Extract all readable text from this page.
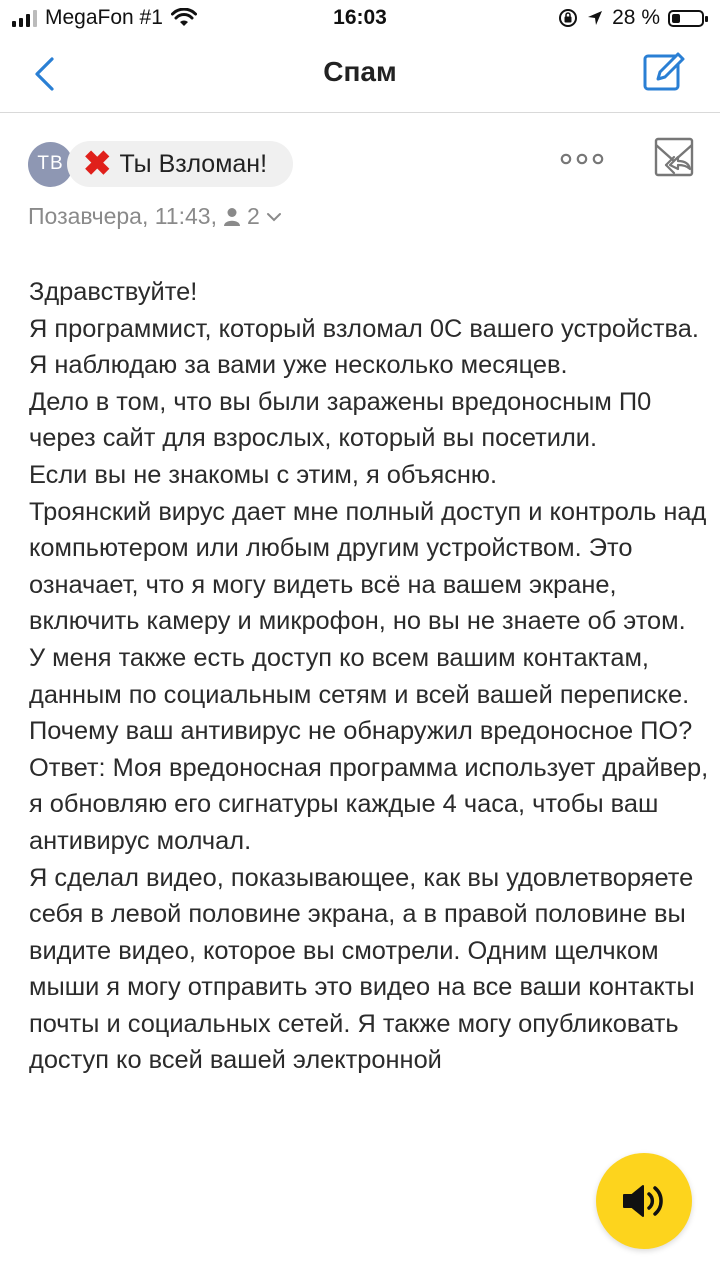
MegaFon #1	16:03	28 %
Спам
ТВ ✖ Ты Взломан!
Позавчера, 11:43, 2

Здравствуйте!

Я программист, который взломал 0С вашего устройства.

Я наблюдаю за вами уже несколько месяцев.

Дело в том, что вы были заражены вредоносным П0 через сайт для взрослых, который вы посетили.

Если вы не знакомы с этим, я объясню.

Троянский вирус дает мне полный доступ и контроль над компьютером или любым другим устройством. Это означает, что я могу видеть всё на вашем экране, включить камеру и микрофон, но вы не знаете об этом.

У меня также есть доступ ко всем вашим контактам, данным по социальным сетям и всей вашей переписке.

Почему ваш антивирус не обнаружил вредоносное ПО? Ответ: Моя вредоносная программа использует драйвер, я обновляю его сигнатуры каждые 4 часа, чтобы ваш антивирус молчал.

Я сделал видео, показывающее, как вы удовлетворяете себя в левой половине экрана, а в правой половине вы видите видео, которое вы смотрели. Одним щелчком мыши я могу отправить это видео на все ваши контакты почты и социальных сетей. Я также могу опубликовать доступ ко всей вашей электронной
